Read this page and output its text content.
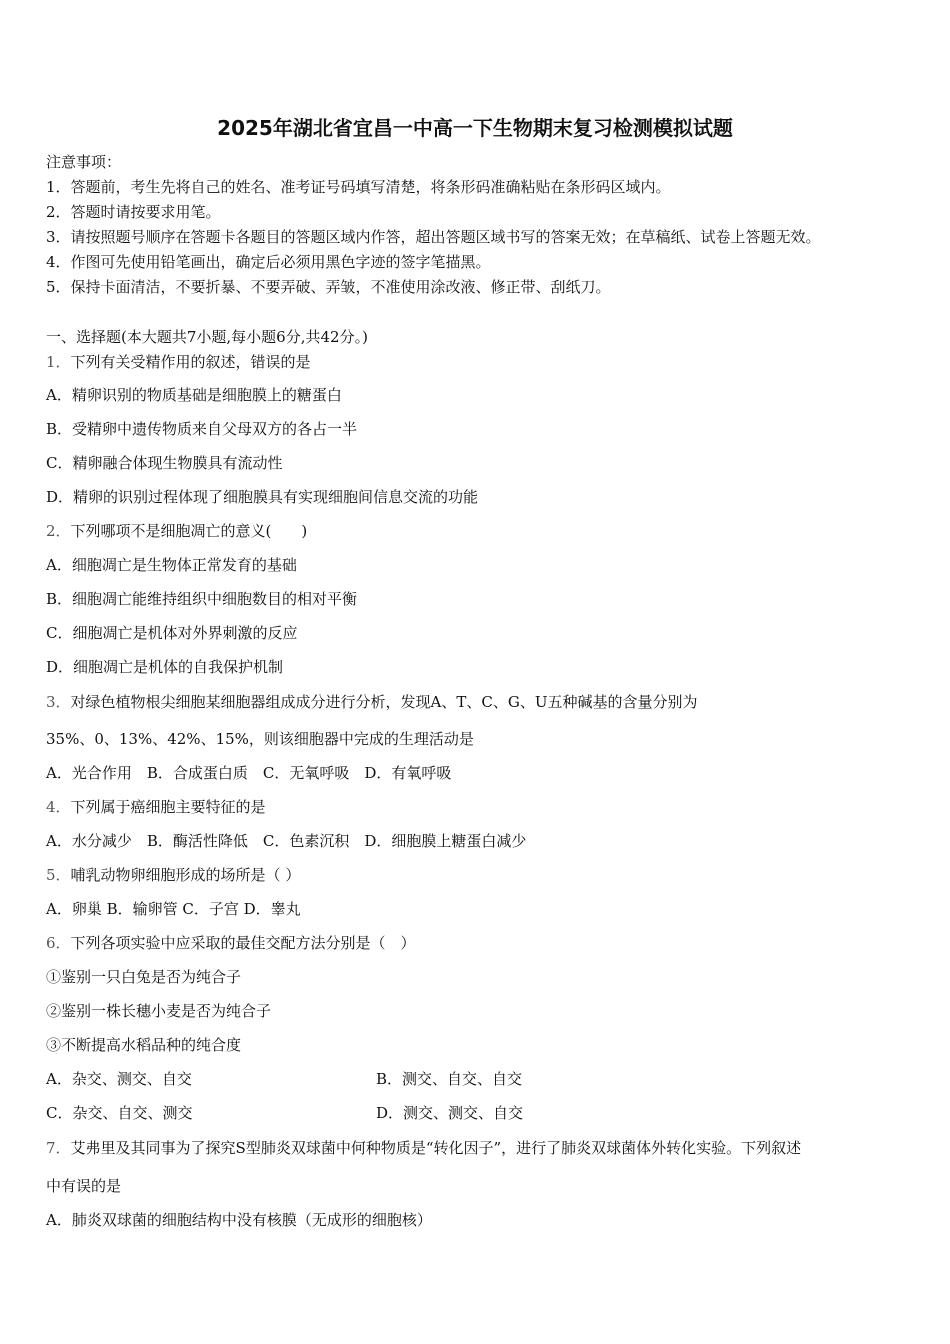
2025年湖北省宜昌一中高一下生物期末复习检测模拟试题
注意事项：
1．答题前，考生先将自己的姓名、准考证号码填写清楚，将条形码准确粘贴在条形码区域内。
2．答题时请按要求用笔。
3．请按照题号顺序在答题卡各题目的答题区域内作答，超出答题区域书写的答案无效；在草稿纸、试卷上答题无效。
4．作图可先使用铅笔画出，确定后必须用黑色字迹的签字笔描黑。
5．保持卡面清洁，不要折暴、不要弄破、弄皱，不准使用涂改液、修正带、刮纸刀。
一、选择题(本大题共7小题,每小题6分,共42分。)
1．下列有关受精作用的叙述，错误的是
A．精卵识别的物质基础是细胞膜上的糖蛋白
B．受精卵中遗传物质来自父母双方的各占一半
C．精卵融合体现生物膜具有流动性
D．精卵的识别过程体现了细胞膜具有实现细胞间信息交流的功能
2．下列哪项不是细胞凋亡的意义(　　)
A．细胞凋亡是生物体正常发育的基础
B．细胞凋亡能维持组织中细胞数目的相对平衡
C．细胞凋亡是机体对外界刺激的反应
D．细胞凋亡是机体的自我保护机制
3．对绿色植物根尖细胞某细胞器组成成分进行分析，发现A、T、C、G、U五种碱基的含量分别为
35%、0、13%、42%、15%，则该细胞器中完成的生理活动是
A．光合作用　B．合成蛋白质　C．无氧呼吸　D．有氧呼吸
4．下列属于癌细胞主要特征的是
A．水分减少　B．酶活性降低　C．色素沉积　D．细胞膜上糖蛋白减少
5．哺乳动物卵细胞形成的场所是（ ）
A．卵巢 B．输卵管 C．子宫 D．睾丸
6．下列各项实验中应采取的最佳交配方法分别是（　）
①鉴别一只白兔是否为纯合子
②鉴别一株长穗小麦是否为纯合子
③不断提高水稻品种的纯合度
A．杂交、测交、自交	B．测交、自交、自交
C．杂交、自交、测交	D．测交、测交、自交
7．艾弗里及其同事为了探究S型肺炎双球菌中何种物质是“转化因子”，进行了肺炎双球菌体外转化实验。下列叙述
中有误的是
A．肺炎双球菌的细胞结构中没有核膜（无成形的细胞核）
